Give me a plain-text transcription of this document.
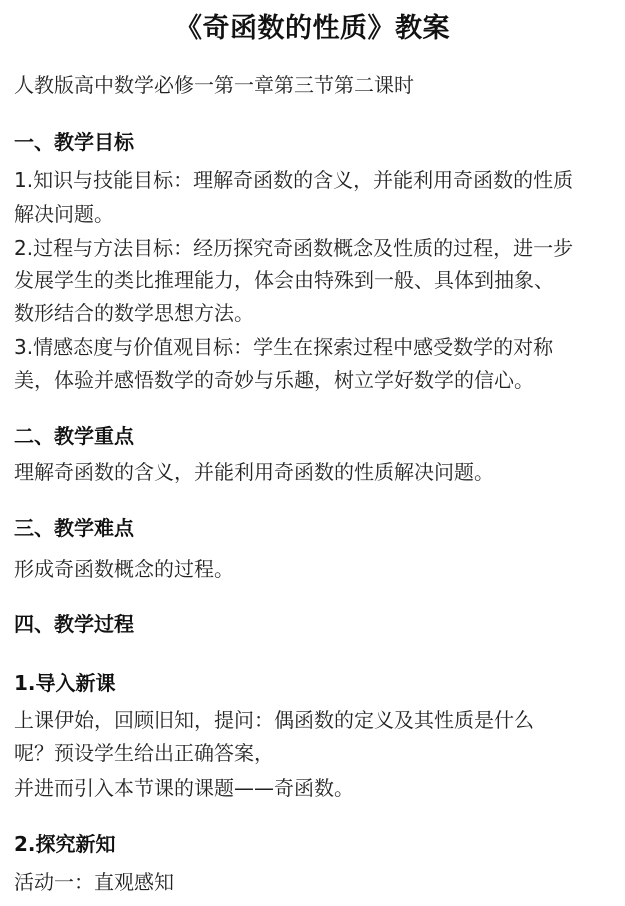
《奇函数的性质》教案
人教版高中数学必修一第一章第三节第二课时
一、教学目标
1.知识与技能目标：理解奇函数的含义，并能利用奇函数的性质
解决问题。
2.过程与方法目标：经历探究奇函数概念及性质的过程，进一步
发展学生的类比推理能力，体会由特殊到一般、具体到抽象、
数形结合的数学思想方法。
3.情感态度与价值观目标：学生在探索过程中感受数学的对称
美，体验并感悟数学的奇妙与乐趣，树立学好数学的信心。
二、教学重点
理解奇函数的含义，并能利用奇函数的性质解决问题。
三、教学难点
形成奇函数概念的过程。
四、教学过程
1.导入新课
上课伊始，回顾旧知，提问：偶函数的定义及其性质是什么
呢？预设学生给出正确答案，
并进而引入本节课的课题——奇函数。
2.探究新知
活动一：直观感知
